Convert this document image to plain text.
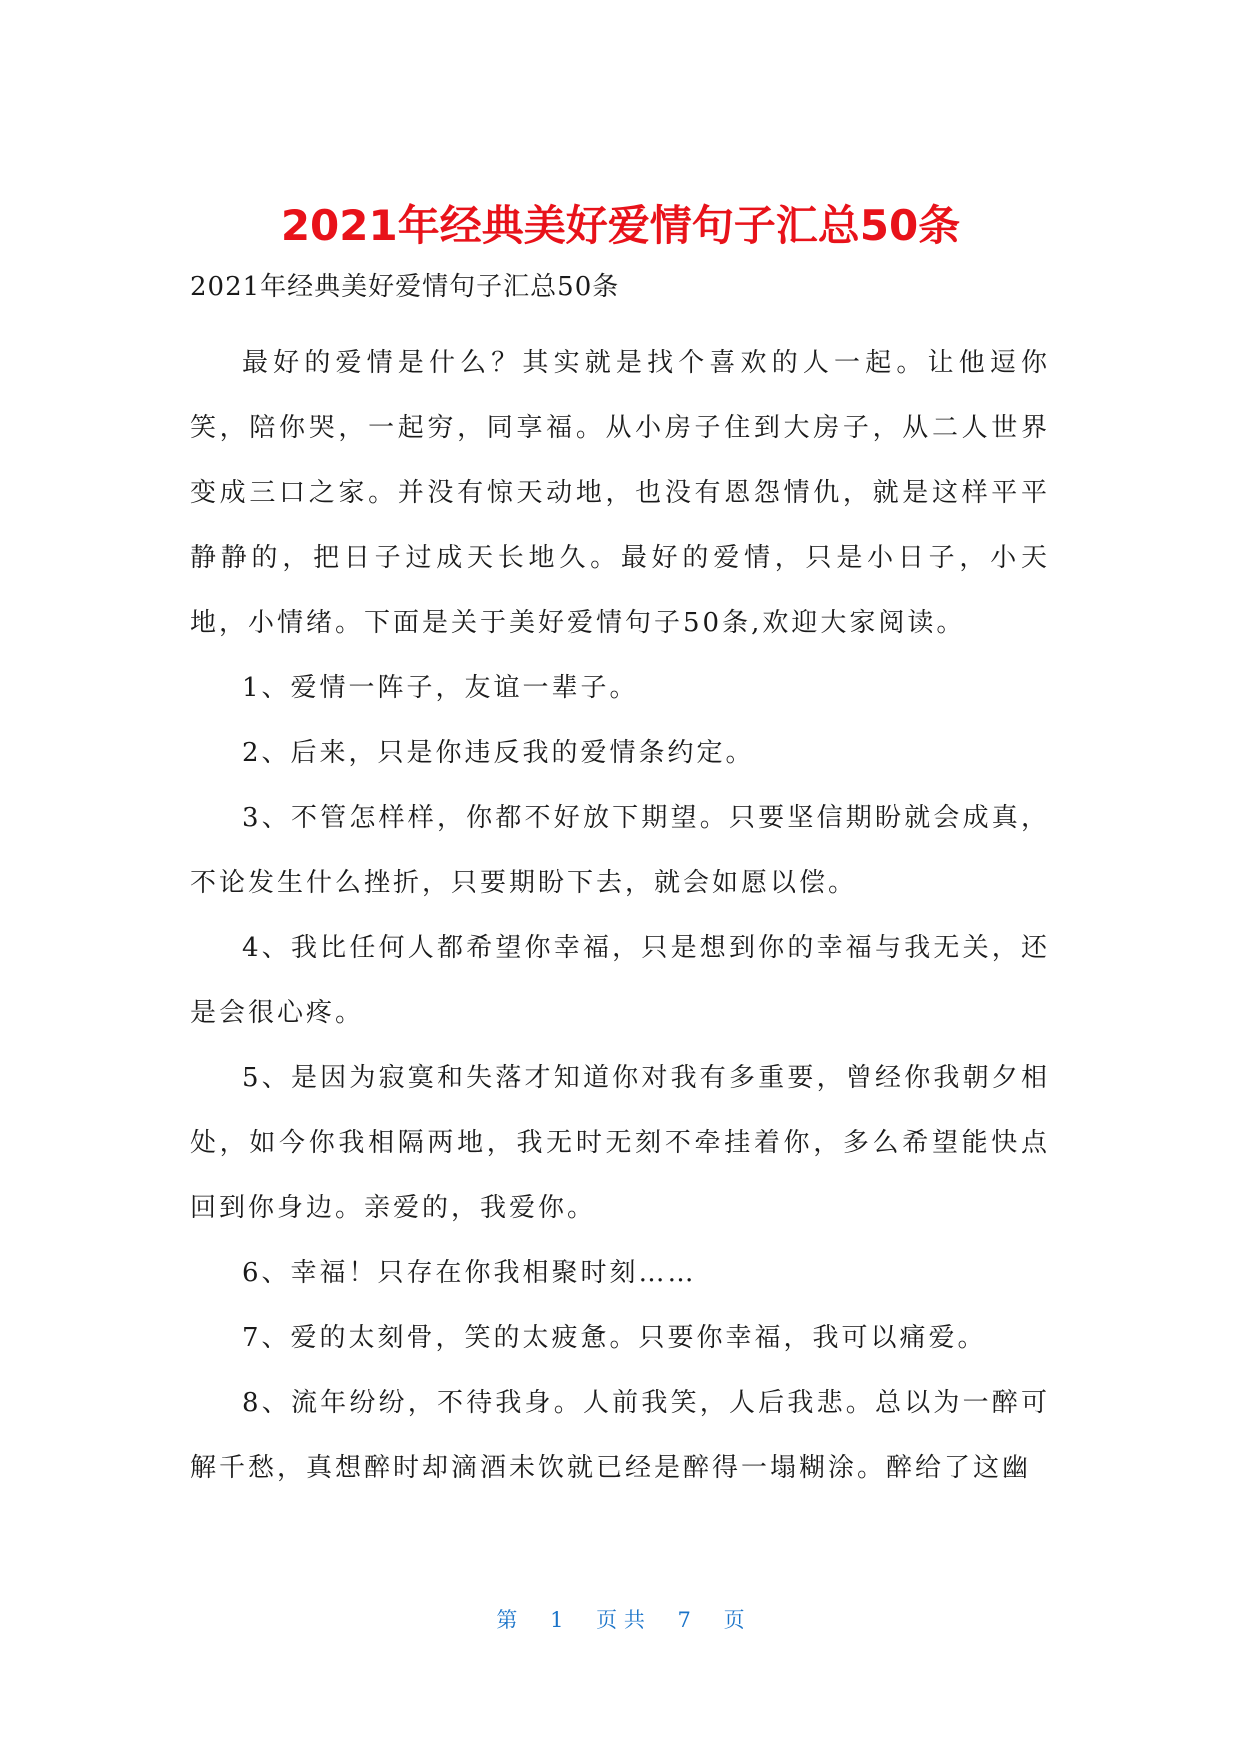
2021年经典美好爱情句子汇总50条

2021年经典美好爱情句子汇总50条

最好的爱情是什么？其实就是找个喜欢的人一起。让他逗你笑，陪你哭，一起穷，同享福。从小房子住到大房子，从二人世界变成三口之家。并没有惊天动地，也没有恩怨情仇，就是这样平平静静的，把日子过成天长地久。最好的爱情，只是小日子，小天地，小情绪。下面是关于美好爱情句子50条,欢迎大家阅读。

1、爱情一阵子，友谊一辈子。

2、后来，只是你违反我的爱情条约定。

3、不管怎样样，你都不好放下期望。只要坚信期盼就会成真，不论发生什么挫折，只要期盼下去，就会如愿以偿。

4、我比任何人都希望你幸福，只是想到你的幸福与我无关，还是会很心疼。

5、是因为寂寞和失落才知道你对我有多重要，曾经你我朝夕相处，如今你我相隔两地，我无时无刻不牵挂着你，多么希望能快点回到你身边。亲爱的，我爱你。

6、幸福！只存在你我相聚时刻……

7、爱的太刻骨，笑的太疲惫。只要你幸福，我可以痛爱。

8、流年纷纷，不待我身。人前我笑，人后我悲。总以为一醉可解千愁，真想醉时却滴酒未饮就已经是醉得一塌糊涂。醉给了这幽

第 1 页 共 7 页
